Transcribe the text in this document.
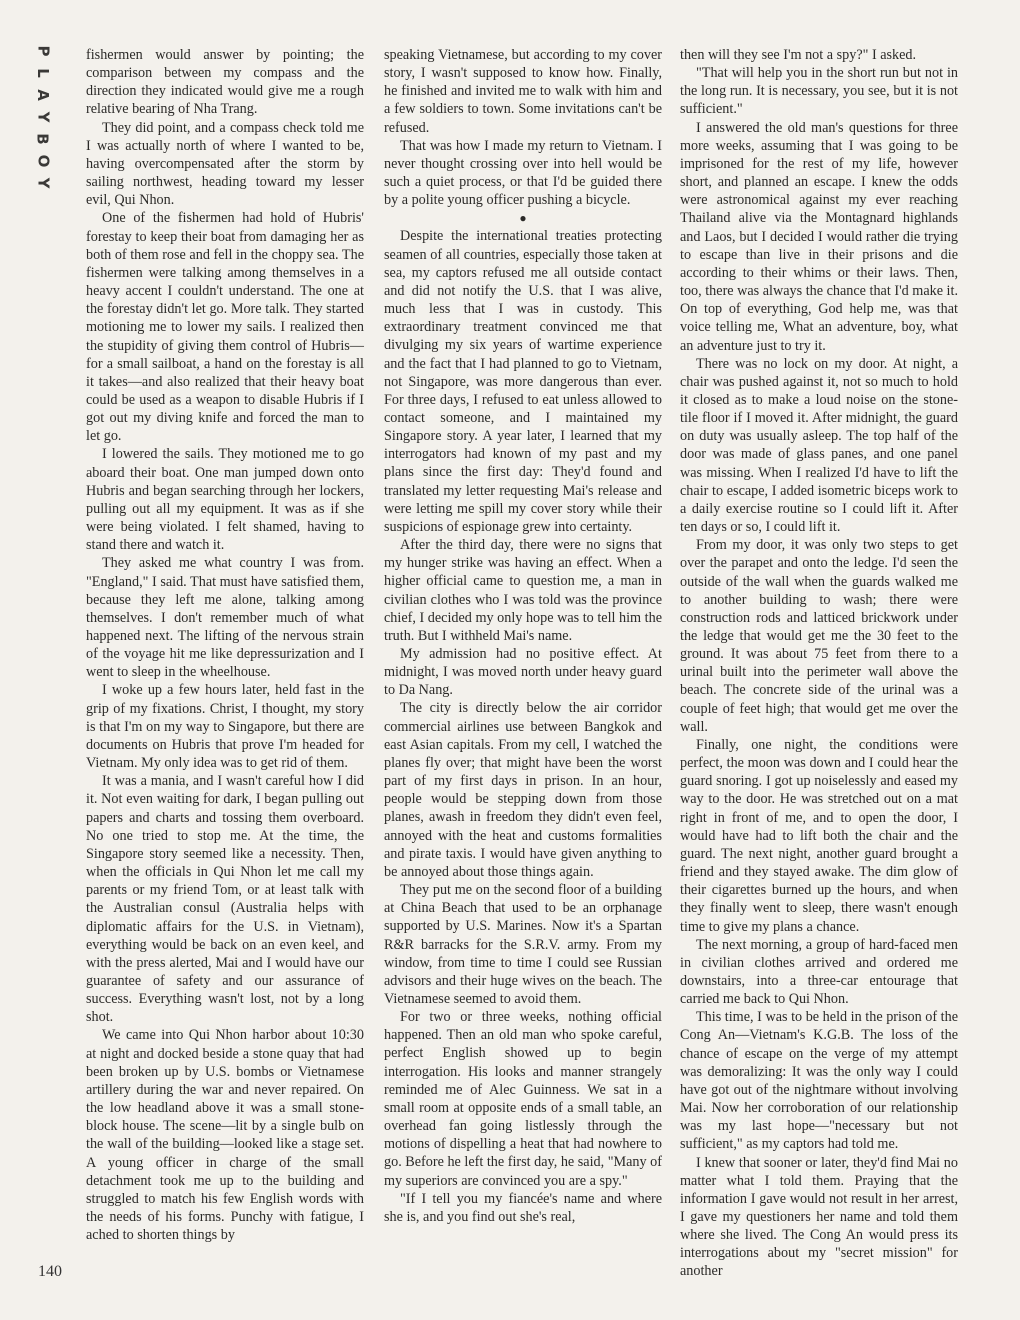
P
L
A
Y
B
O
Y

fishermen would answer by pointing; the comparison between my compass and the direction they indicated would give me a rough relative bearing of Nha Trang.

They did point, and a compass check told me I was actually north of where I wanted to be, having overcompensated after the storm by sailing northwest, heading toward my lesser evil, Qui Nhon.

One of the fishermen had hold of Hubris' forestay to keep their boat from damaging her as both of them rose and fell in the choppy sea. The fishermen were talking among themselves in a heavy accent I couldn't understand. The one at the forestay didn't let go. More talk. They started motioning me to lower my sails. I realized then the stupidity of giving them control of Hubris—for a small sailboat, a hand on the forestay is all it takes—and also realized that their heavy boat could be used as a weapon to disable Hubris if I got out my diving knife and forced the man to let go.

I lowered the sails. They motioned me to go aboard their boat. One man jumped down onto Hubris and began searching through her lockers, pulling out all my equipment. It was as if she were being violated. I felt shamed, having to stand there and watch it.

They asked me what country I was from. "England," I said. That must have satisfied them, because they left me alone, talking among themselves. I don't remember much of what happened next. The lifting of the nervous strain of the voyage hit me like depressurization and I went to sleep in the wheelhouse.

I woke up a few hours later, held fast in the grip of my fixations. Christ, I thought, my story is that I'm on my way to Singapore, but there are documents on Hubris that prove I'm headed for Vietnam. My only idea was to get rid of them.

It was a mania, and I wasn't careful how I did it. Not even waiting for dark, I began pulling out papers and charts and tossing them overboard. No one tried to stop me. At the time, the Singapore story seemed like a necessity. Then, when the officials in Qui Nhon let me call my parents or my friend Tom, or at least talk with the Australian consul (Australia helps with diplomatic affairs for the U.S. in Vietnam), everything would be back on an even keel, and with the press alerted, Mai and I would have our guarantee of safety and our assurance of success. Everything wasn't lost, not by a long shot.

We came into Qui Nhon harbor about 10:30 at night and docked beside a stone quay that had been broken up by U.S. bombs or Vietnamese artillery during the war and never repaired. On the low headland above it was a small stone-block house. The scene—lit by a single bulb on the wall of the building—looked like a stage set. A young officer in charge of the small detachment took me up to the building and struggled to match his few English words with the needs of his forms. Punchy with fatigue, I ached to shorten things by

speaking Vietnamese, but according to my cover story, I wasn't supposed to know how. Finally, he finished and invited me to walk with him and a few soldiers to town. Some invitations can't be refused.

That was how I made my return to Vietnam. I never thought crossing over into hell would be such a quiet process, or that I'd be guided there by a polite young officer pushing a bicycle.

●

Despite the international treaties protecting seamen of all countries, especially those taken at sea, my captors refused me all outside contact and did not notify the U.S. that I was alive, much less that I was in custody. This extraordinary treatment convinced me that divulging my six years of wartime experience and the fact that I had planned to go to Vietnam, not Singapore, was more dangerous than ever. For three days, I refused to eat unless allowed to contact someone, and I maintained my Singapore story. A year later, I learned that my interrogators had known of my past and my plans since the first day: They'd found and translated my letter requesting Mai's release and were letting me spill my cover story while their suspicions of espionage grew into certainty.

After the third day, there were no signs that my hunger strike was having an effect. When a higher official came to question me, a man in civilian clothes who I was told was the province chief, I decided my only hope was to tell him the truth. But I withheld Mai's name.

My admission had no positive effect. At midnight, I was moved north under heavy guard to Da Nang.

The city is directly below the air corridor commercial airlines use between Bangkok and east Asian capitals. From my cell, I watched the planes fly over; that might have been the worst part of my first days in prison. In an hour, people would be stepping down from those planes, awash in freedom they didn't even feel, annoyed with the heat and customs formalities and pirate taxis. I would have given anything to be annoyed about those things again.

They put me on the second floor of a building at China Beach that used to be an orphanage supported by U.S. Marines. Now it's a Spartan R&R barracks for the S.R.V. army. From my window, from time to time I could see Russian advisors and their huge wives on the beach. The Vietnamese seemed to avoid them.

For two or three weeks, nothing official happened. Then an old man who spoke careful, perfect English showed up to begin interrogation. His looks and manner strangely reminded me of Alec Guinness. We sat in a small room at opposite ends of a small table, an overhead fan going listlessly through the motions of dispelling a heat that had nowhere to go. Before he left the first day, he said, "Many of my superiors are convinced you are a spy."

"If I tell you my fiancée's name and where she is, and you find out she's real,

then will they see I'm not a spy?" I asked.

"That will help you in the short run but not in the long run. It is necessary, you see, but it is not sufficient."

I answered the old man's questions for three more weeks, assuming that I was going to be imprisoned for the rest of my life, however short, and planned an escape. I knew the odds were astronomical against my ever reaching Thailand alive via the Montagnard highlands and Laos, but I decided I would rather die trying to escape than live in their prisons and die according to their whims or their laws. Then, too, there was always the chance that I'd make it. On top of everything, God help me, was that voice telling me, What an adventure, boy, what an adventure just to try it.

There was no lock on my door. At night, a chair was pushed against it, not so much to hold it closed as to make a loud noise on the stone-tile floor if I moved it. After midnight, the guard on duty was usually asleep. The top half of the door was made of glass panes, and one panel was missing. When I realized I'd have to lift the chair to escape, I added isometric biceps work to a daily exercise routine so I could lift it. After ten days or so, I could lift it.

From my door, it was only two steps to get over the parapet and onto the ledge. I'd seen the outside of the wall when the guards walked me to another building to wash; there were construction rods and latticed brickwork under the ledge that would get me the 30 feet to the ground. It was about 75 feet from there to a urinal built into the perimeter wall above the beach. The concrete side of the urinal was a couple of feet high; that would get me over the wall.

Finally, one night, the conditions were perfect, the moon was down and I could hear the guard snoring. I got up noiselessly and eased my way to the door. He was stretched out on a mat right in front of me, and to open the door, I would have had to lift both the chair and the guard. The next night, another guard brought a friend and they stayed awake. The dim glow of their cigarettes burned up the hours, and when they finally went to sleep, there wasn't enough time to give my plans a chance.

The next morning, a group of hard-faced men in civilian clothes arrived and ordered me downstairs, into a three-car entourage that carried me back to Qui Nhon.

This time, I was to be held in the prison of the Cong An—Vietnam's K.G.B. The loss of the chance of escape on the verge of my attempt was demoralizing: It was the only way I could have got out of the nightmare without involving Mai. Now her corroboration of our relationship was my last hope—"necessary but not sufficient," as my captors had told me.

I knew that sooner or later, they'd find Mai no matter what I told them. Praying that the information I gave would not result in her arrest, I gave my questioners her name and told them where she lived. The Cong An would press its interrogations about my "secret mission" for another

140
